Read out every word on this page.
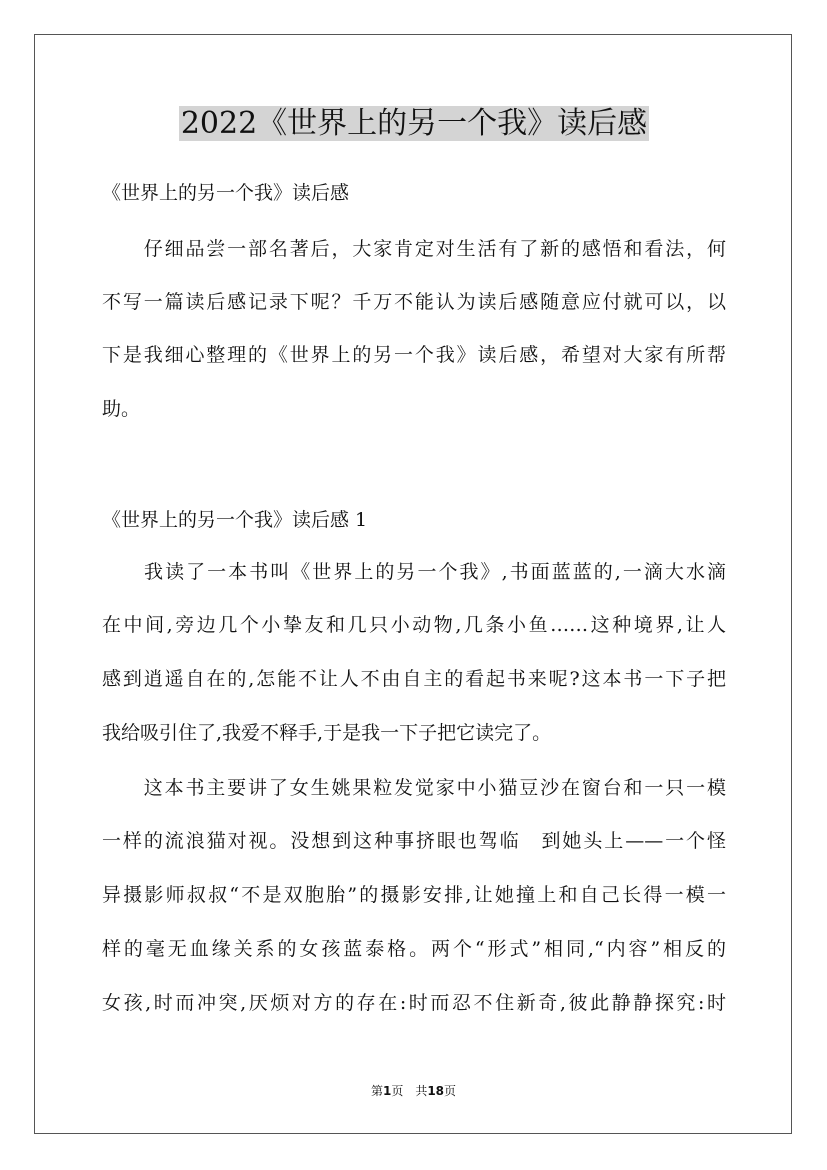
2022《世界上的另一个我》读后感
《世界上的另一个我》读后感
　　仔细品尝一部名著后，大家肯定对生活有了新的感悟和看法，何
不写一篇读后感记录下呢？千万不能认为读后感随意应付就可以，以
下是我细心整理的《世界上的另一个我》读后感，希望对大家有所帮
助。
《世界上的另一个我》读后感 1
　　我读了一本书叫《世界上的另一个我》,书面蓝蓝的,一滴大水滴
在中间,旁边几个小挚友和几只小动物,几条小鱼……这种境界,让人
感到逍遥自在的,怎能不让人不由自主的看起书来呢?这本书一下子把
我给吸引住了,我爱不释手,于是我一下子把它读完了。
　　这本书主要讲了女生姚果粒发觉家中小猫豆沙在窗台和一只一模
一样的流浪猫对视。没想到这种事挤眼也驾临　到她头上——一个怪
异摄影师叔叔“不是双胞胎”的摄影安排,让她撞上和自己长得一模一
样的毫无血缘关系的女孩蓝泰格。两个“形式”相同,“内容”相反的
女孩,时而冲突,厌烦对方的存在:时而忍不住新奇,彼此静静探究:时
第1页　共18页
